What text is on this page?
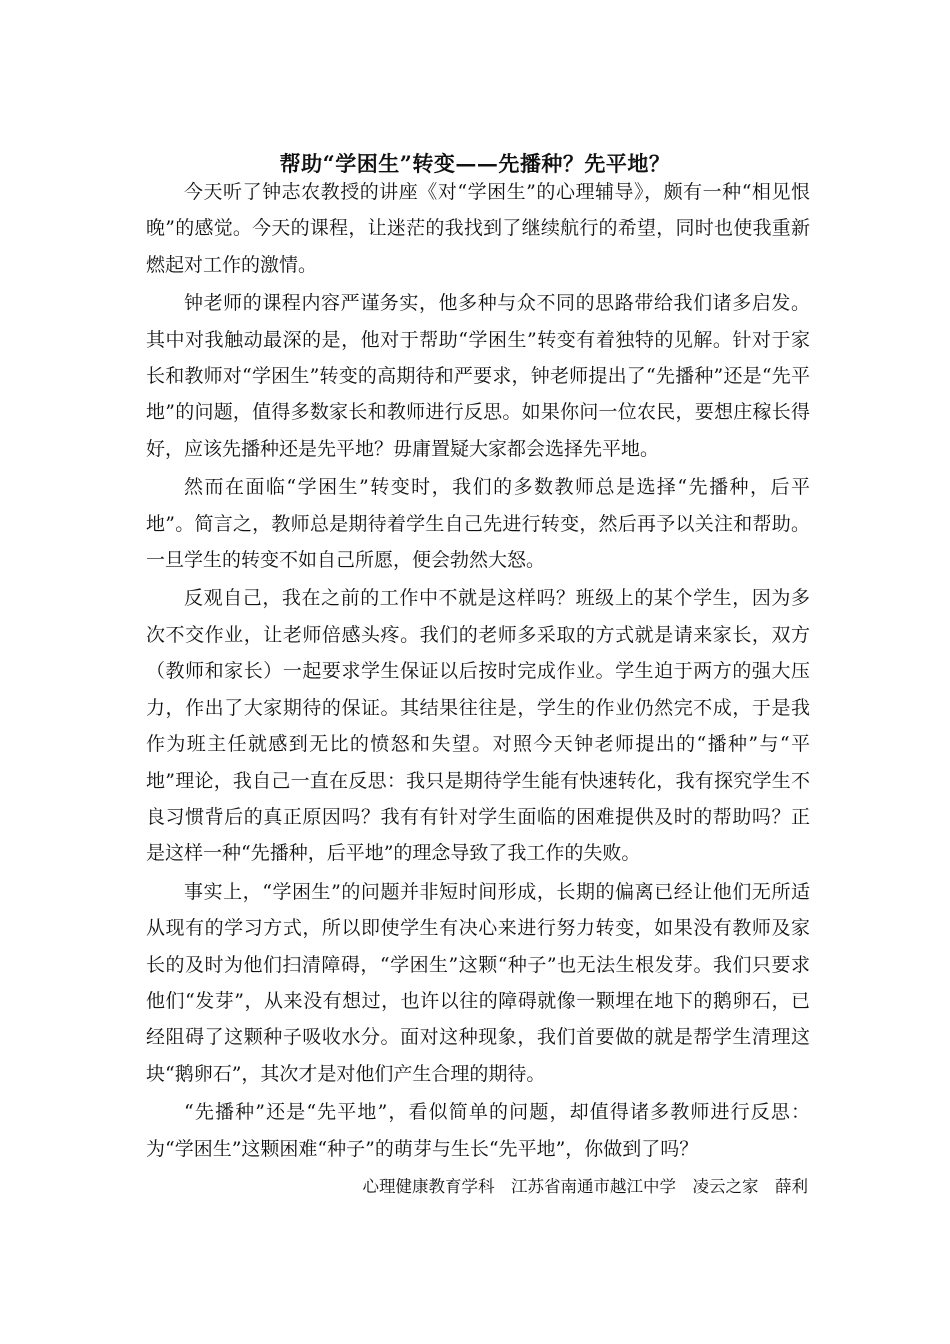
帮助“学困生”转变——先播种？先平地？

今天听了钟志农教授的讲座《对“学困生”的心理辅导》，颇有一种“相见恨晚”的感觉。今天的课程，让迷茫的我找到了继续航行的希望，同时也使我重新燃起对工作的激情。

钟老师的课程内容严谨务实，他多种与众不同的思路带给我们诸多启发。其中对我触动最深的是，他对于帮助“学困生”转变有着独特的见解。针对于家长和教师对“学困生”转变的高期待和严要求，钟老师提出了“先播种”还是“先平地”的问题，值得多数家长和教师进行反思。如果你问一位农民，要想庄稼长得好，应该先播种还是先平地？毋庸置疑大家都会选择先平地。

然而在面临“学困生”转变时，我们的多数教师总是选择“先播种，后平地”。简言之，教师总是期待着学生自己先进行转变，然后再予以关注和帮助。一旦学生的转变不如自己所愿，便会勃然大怒。

反观自己，我在之前的工作中不就是这样吗？班级上的某个学生，因为多次不交作业，让老师倍感头疼。我们的老师多采取的方式就是请来家长，双方（教师和家长）一起要求学生保证以后按时完成作业。学生迫于两方的强大压力，作出了大家期待的保证。其结果往往是，学生的作业仍然完不成，于是我作为班主任就感到无比的愤怒和失望。对照今天钟老师提出的“播种”与“平地”理论，我自己一直在反思：我只是期待学生能有快速转化，我有探究学生不良习惯背后的真正原因吗？我有有针对学生面临的困难提供及时的帮助吗？正是这样一种“先播种，后平地”的理念导致了我工作的失败。

事实上，“学困生”的问题并非短时间形成，长期的偏离已经让他们无所适从现有的学习方式，所以即使学生有决心来进行努力转变，如果没有教师及家长的及时为他们扫清障碍，“学困生”这颗“种子”也无法生根发芽。我们只要求他们“发芽”，从来没有想过，也许以往的障碍就像一颗埋在地下的鹅卵石，已经阻碍了这颗种子吸收水分。面对这种现象，我们首要做的就是帮学生清理这块“鹅卵石”，其次才是对他们产生合理的期待。

“先播种”还是“先平地”，看似简单的问题，却值得诸多教师进行反思：为“学困生”这颗困难“种子”的萌芽与生长“先平地”，你做到了吗？

心理健康教育学科　江苏省南通市越江中学　凌云之家　薛利
